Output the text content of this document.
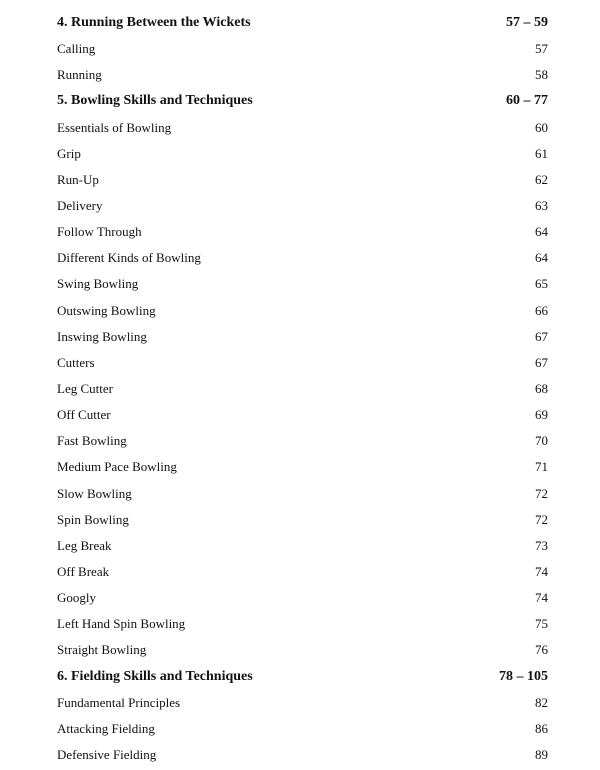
4. Running Between the Wickets	57 – 59
Calling	57
Running	58
5. Bowling Skills and Techniques	60 – 77
Essentials of Bowling	60
Grip	61
Run-Up	62
Delivery	63
Follow Through	64
Different Kinds of Bowling	64
Swing Bowling	65
Outswing Bowling	66
Inswing Bowling	67
Cutters	67
Leg Cutter	68
Off Cutter	69
Fast Bowling	70
Medium Pace Bowling	71
Slow Bowling	72
Spin Bowling	72
Leg Break	73
Off Break	74
Googly	74
Left Hand Spin Bowling	75
Straight Bowling	76
6. Fielding Skills and Techniques	78 – 105
Fundamental Principles	82
Attacking Fielding	86
Defensive Fielding	89
